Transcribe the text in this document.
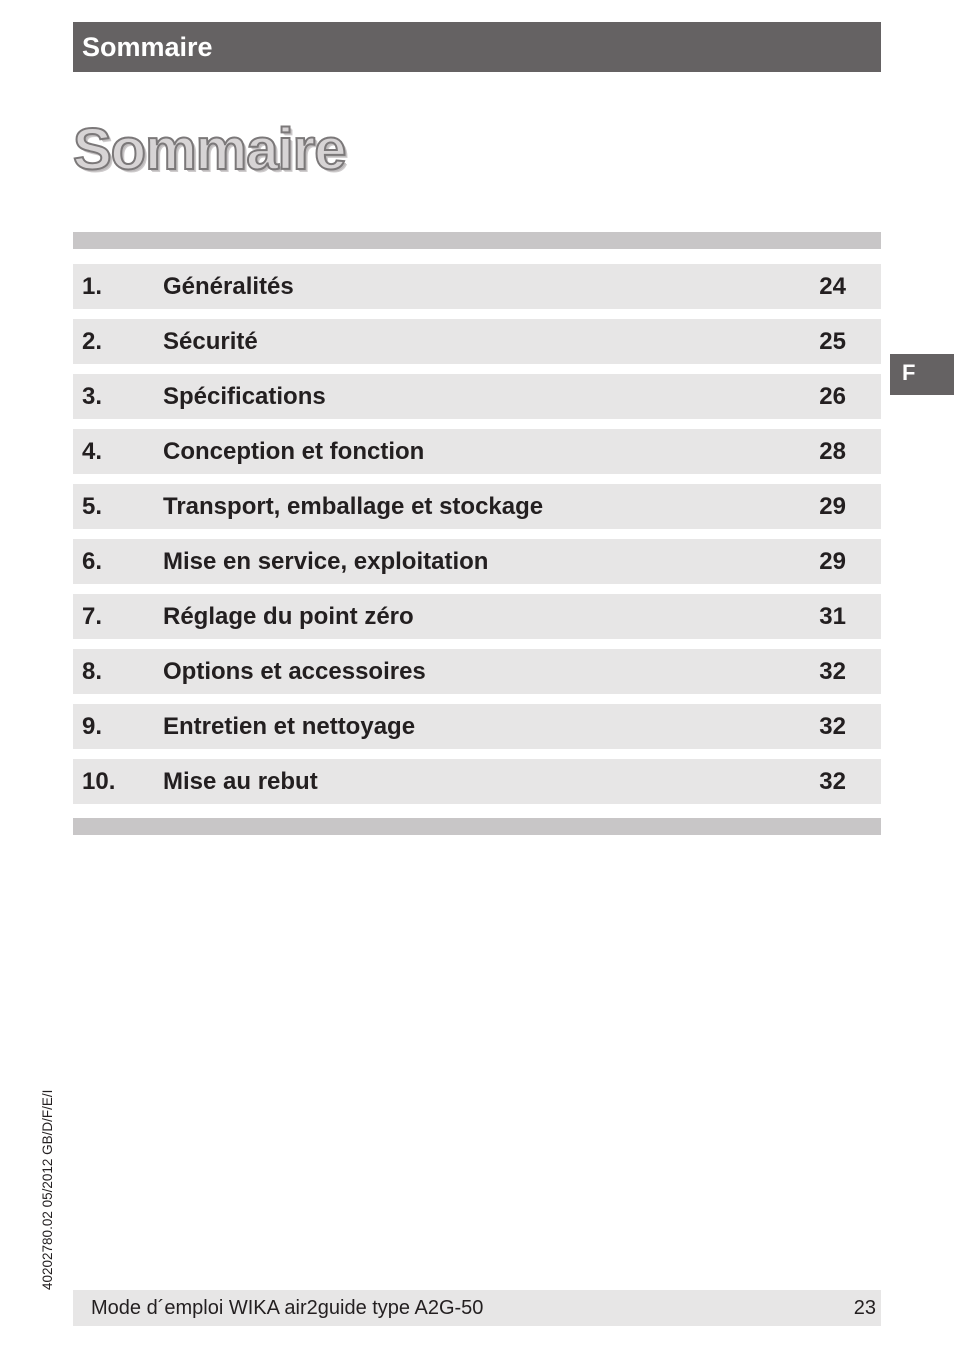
Sommaire
Sommaire
1.	Généralités	24
2.	Sécurité	25
3.	Spécifications	26
4.	Conception et fonction	28
5.	Transport, emballage et stockage	29
6.	Mise en service, exploitation	29
7.	Réglage du point zéro	31
8.	Options et accessoires	32
9.	Entretien et nettoyage	32
10. Mise au rebut	32
F
40202780.02 05/2012 GB/D/F/E/I
Mode d´emploi WIKA air2guide type A2G-50	23
